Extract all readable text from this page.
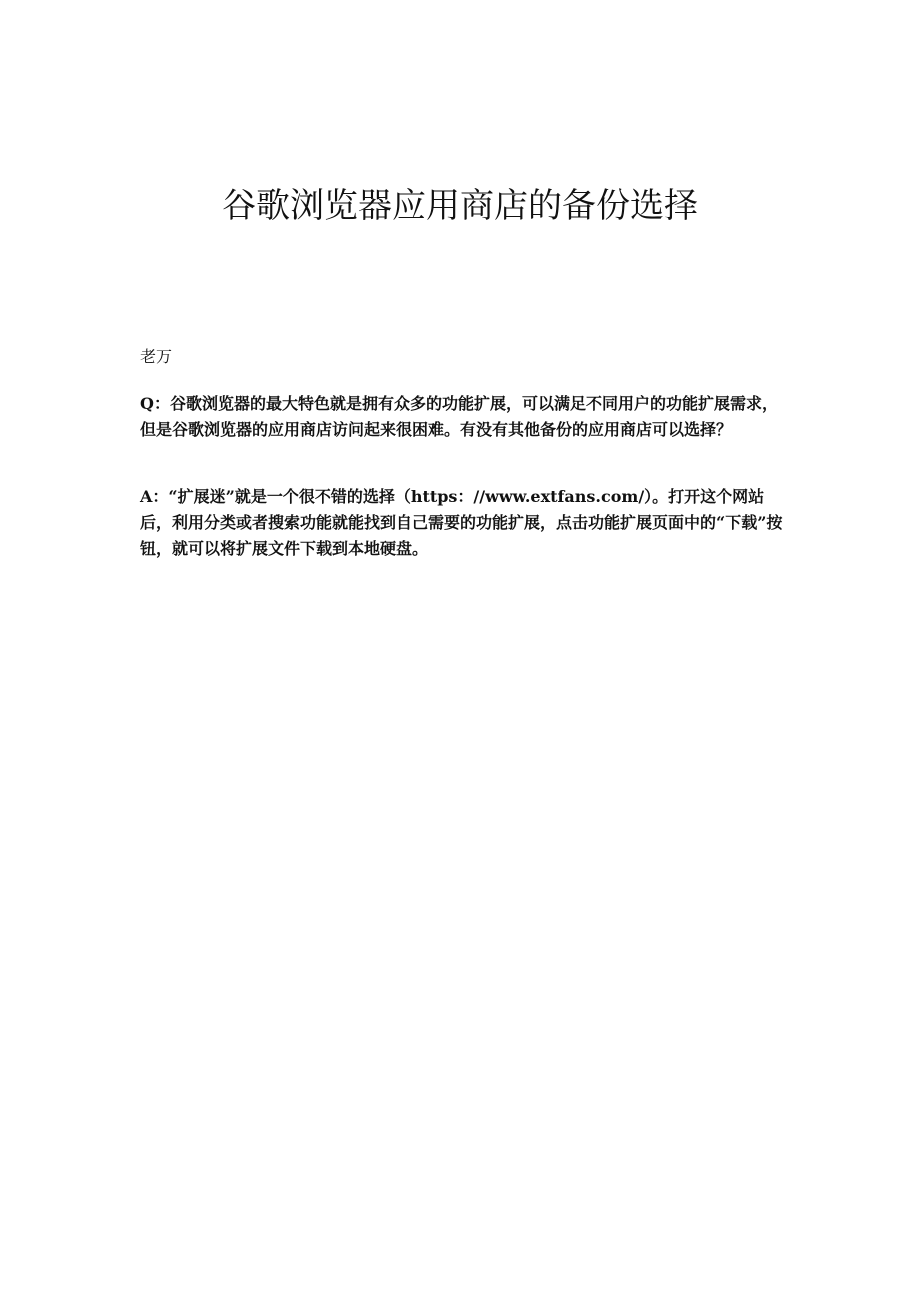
谷歌浏览器应用商店的备份选择

老万

Q：谷歌浏览器的最大特色就是拥有众多的功能扩展，可以满足不同用户的功能扩展需求，但是谷歌浏览器的应用商店访问起来很困难。有没有其他备份的应用商店可以选择？

A：“扩展迷”就是一个很不错的选择（https：//www.extfans.com/）。打开这个网站后，利用分类或者搜索功能就能找到自己需要的功能扩展，点击功能扩展页面中的“下载”按钮，就可以将扩展文件下载到本地硬盘。
